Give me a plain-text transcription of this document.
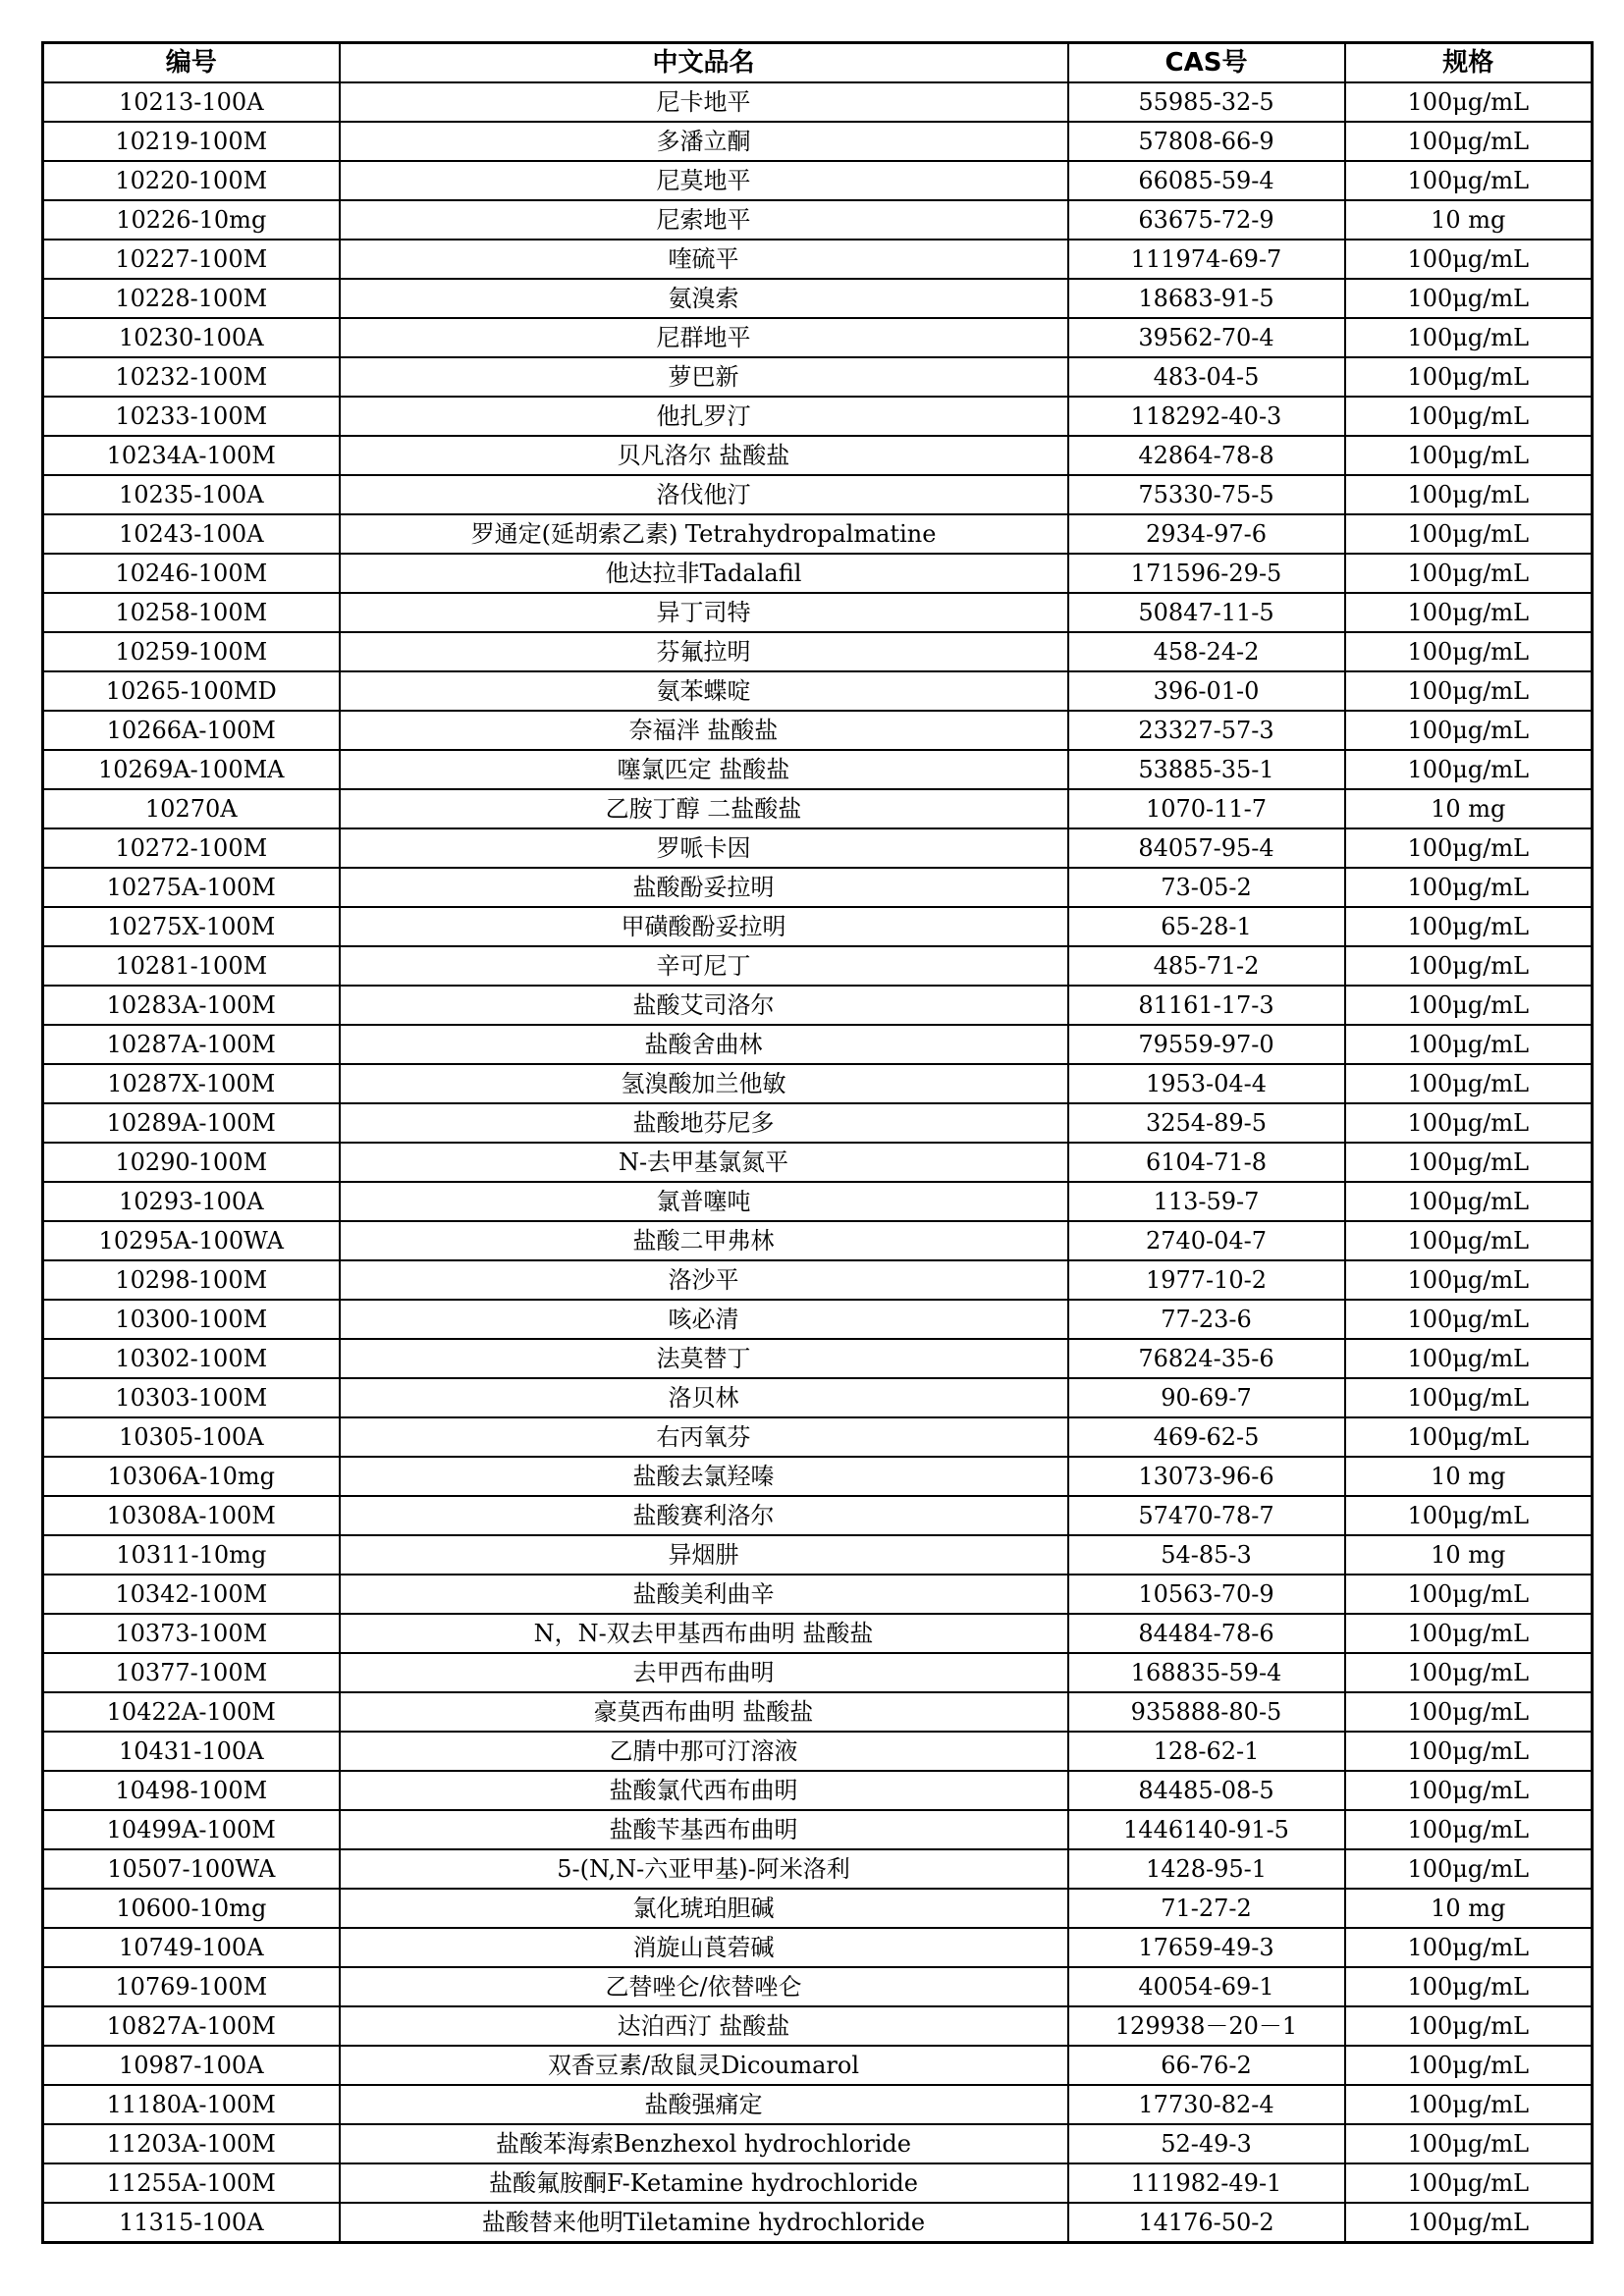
编号	中文品名	CAS号	规格
10213-100A	尼卡地平	55985-32-5	100μg/mL
10219-100M	多潘立酮	57808-66-9	100μg/mL
10220-100M	尼莫地平	66085-59-4	100μg/mL
10226-10mg	尼索地平	63675-72-9	10 mg
10227-100M	喹硫平	111974-69-7	100μg/mL
10228-100M	氨溴索	18683-91-5	100μg/mL
10230-100A	尼群地平	39562-70-4	100μg/mL
10232-100M	萝巴新	483-04-5	100μg/mL
10233-100M	他扎罗汀	118292-40-3	100μg/mL
10234A-100M	贝凡洛尔 盐酸盐	42864-78-8	100μg/mL
10235-100A	洛伐他汀	75330-75-5	100μg/mL
10243-100A	罗通定(延胡索乙素) Tetrahydropalmatine	2934-97-6	100μg/mL
10246-100M	他达拉非Tadalafil	171596-29-5	100μg/mL
10258-100M	异丁司特	50847-11-5	100μg/mL
10259-100M	芬氟拉明	458-24-2	100μg/mL
10265-100MD	氨苯蝶啶	396-01-0	100μg/mL
10266A-100M	奈福泮 盐酸盐	23327-57-3	100μg/mL
10269A-100MA	噻氯匹定 盐酸盐	53885-35-1	100μg/mL
10270A	乙胺丁醇 二盐酸盐	1070-11-7	10 mg
10272-100M	罗哌卡因	84057-95-4	100μg/mL
10275A-100M	盐酸酚妥拉明	73-05-2	100μg/mL
10275X-100M	甲磺酸酚妥拉明	65-28-1	100μg/mL
10281-100M	辛可尼丁	485-71-2	100μg/mL
10283A-100M	盐酸艾司洛尔	81161-17-3	100μg/mL
10287A-100M	盐酸舍曲林	79559-97-0	100μg/mL
10287X-100M	氢溴酸加兰他敏	1953-04-4	100μg/mL
10289A-100M	盐酸地芬尼多	3254-89-5	100μg/mL
10290-100M	N-去甲基氯氮平	6104-71-8	100μg/mL
10293-100A	氯普噻吨	113-59-7	100μg/mL
10295A-100WA	盐酸二甲弗林	2740-04-7	100μg/mL
10298-100M	洛沙平	1977-10-2	100μg/mL
10300-100M	咳必清	77-23-6	100μg/mL
10302-100M	法莫替丁	76824-35-6	100μg/mL
10303-100M	洛贝林	90-69-7	100μg/mL
10305-100A	右丙氧芬	469-62-5	100μg/mL
10306A-10mg	盐酸去氯羟嗪	13073-96-6	10 mg
10308A-100M	盐酸赛利洛尔	57470-78-7	100μg/mL
10311-10mg	异烟肼	54-85-3	10 mg
10342-100M	盐酸美利曲辛	10563-70-9	100μg/mL
10373-100M	N，N-双去甲基西布曲明 盐酸盐	84484-78-6	100μg/mL
10377-100M	去甲西布曲明	168835-59-4	100μg/mL
10422A-100M	豪莫西布曲明 盐酸盐	935888-80-5	100μg/mL
10431-100A	乙腈中那可汀溶液	128-62-1	100μg/mL
10498-100M	盐酸氯代西布曲明	84485-08-5	100μg/mL
10499A-100M	盐酸苄基西布曲明	1446140-91-5	100μg/mL
10507-100WA	5-(N,N-六亚甲基)-阿米洛利	1428-95-1	100μg/mL
10600-10mg	氯化琥珀胆碱	71-27-2	10 mg
10749-100A	消旋山莨菪碱	17659-49-3	100μg/mL
10769-100M	乙替唑仑/依替唑仑	40054-69-1	100μg/mL
10827A-100M	达泊西汀 盐酸盐	129938－20－1	100μg/mL
10987-100A	双香豆素/敌鼠灵Dicoumarol	66-76-2	100μg/mL
11180A-100M	盐酸强痛定	17730-82-4	100μg/mL
11203A-100M	盐酸苯海索Benzhexol hydrochloride	52-49-3	100μg/mL
11255A-100M	盐酸氟胺酮F-Ketamine hydrochloride	111982-49-1	100μg/mL
11315-100A	盐酸替来他明Tiletamine hydrochloride	14176-50-2	100μg/mL
